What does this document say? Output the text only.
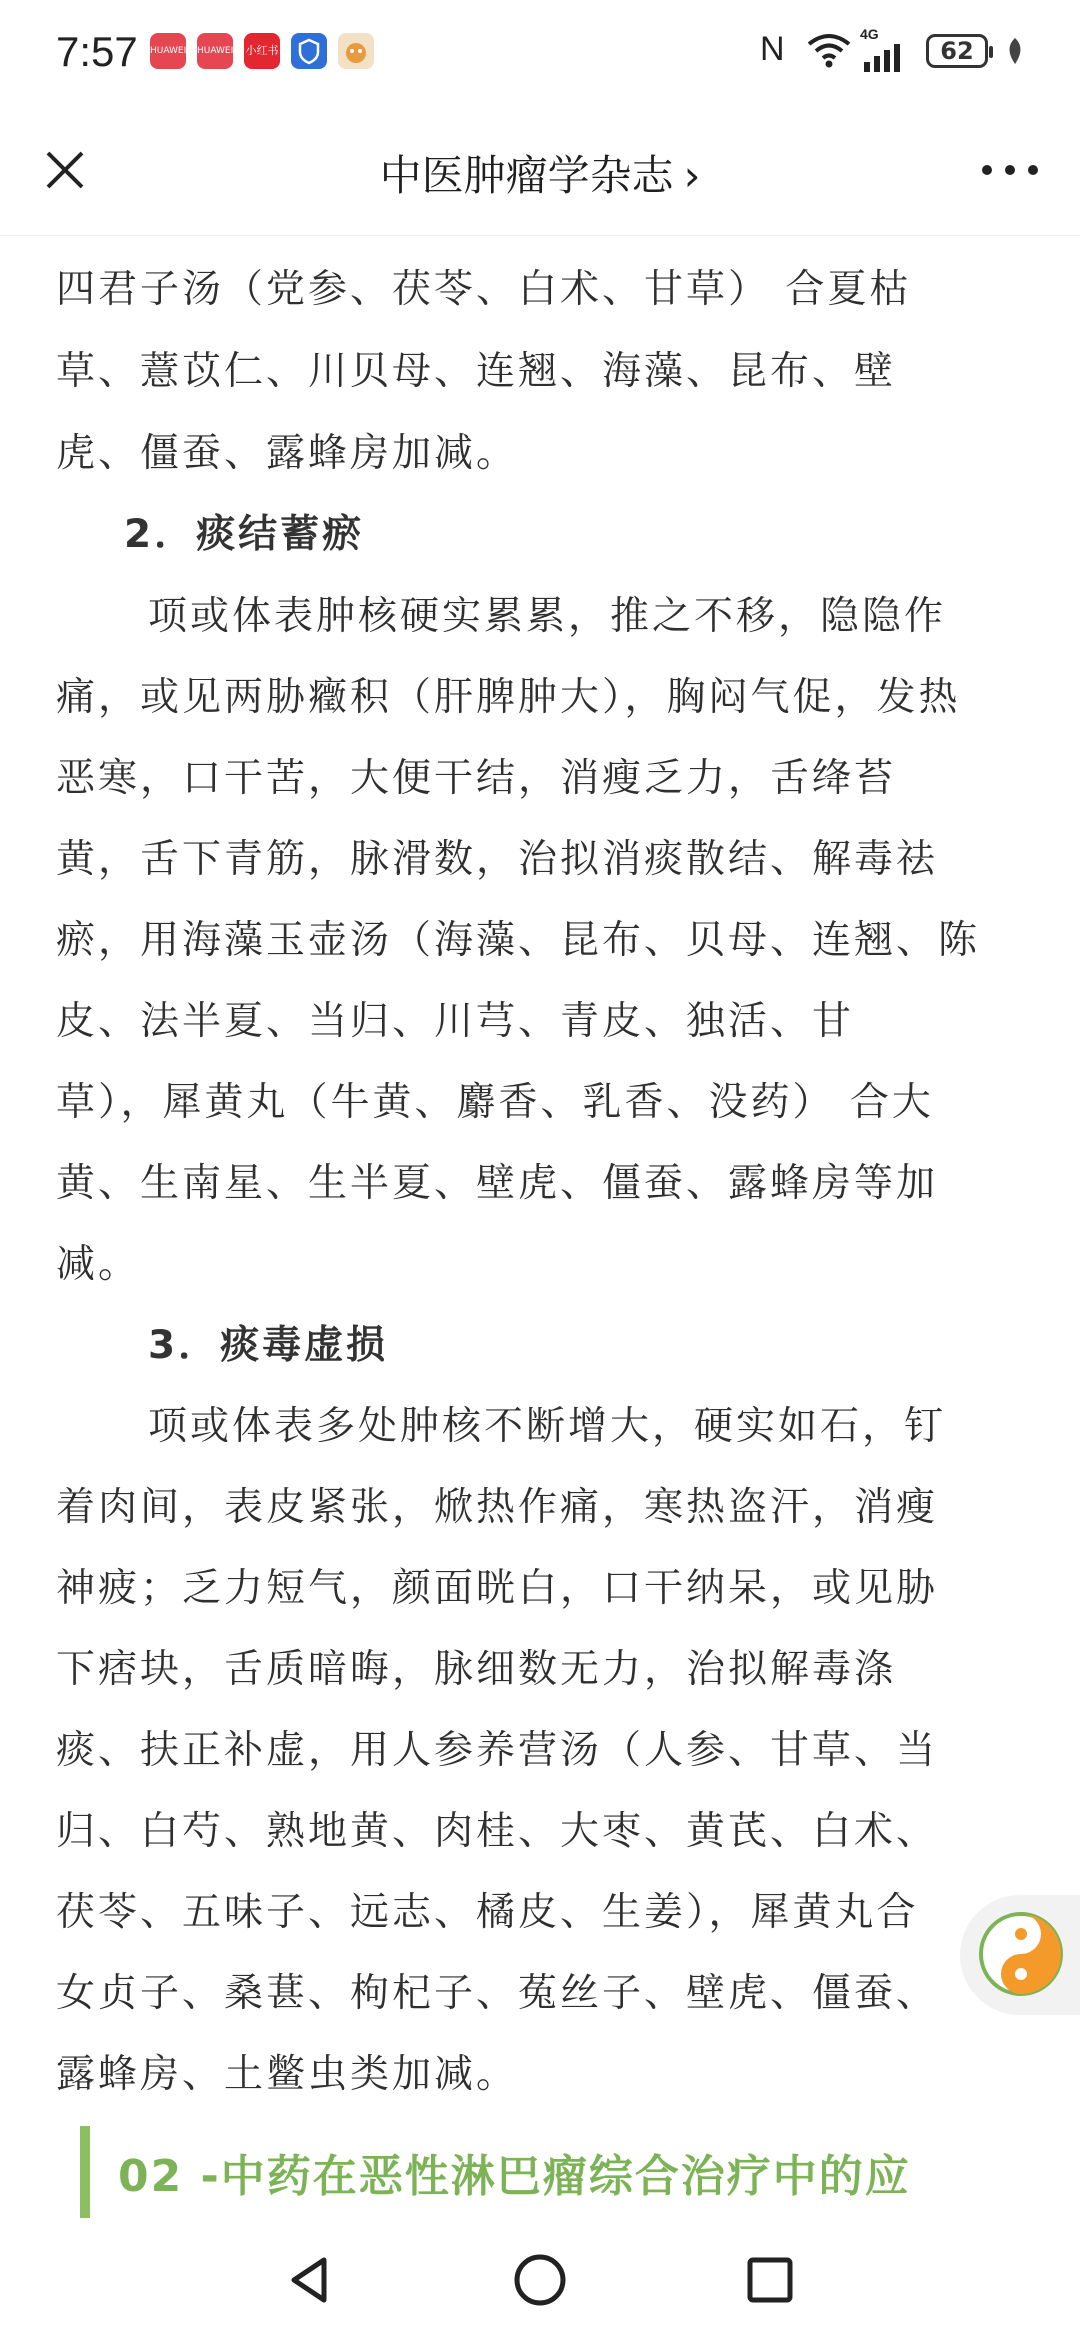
7:57 HUAWEI HUAWEI 小红书	N	4G
62
中医肿瘤学杂志 ›
四君子汤（党参、茯苓、白术、甘草） 合夏枯
草、薏苡仁、川贝母、连翘、海藻、昆布、壁
虎、僵蚕、露蜂房加减。
2．痰结蓄瘀
项或体表肿核硬实累累，推之不移，隐隐作
痛，或见两胁癥积（肝脾肿大），胸闷气促，发热
恶寒，口干苦，大便干结，消瘦乏力，舌绛苔
黄，舌下青筋，脉滑数，治拟消痰散结、解毒祛
瘀，用海藻玉壶汤（海藻、昆布、贝母、连翘、陈
皮、法半夏、当归、川芎、青皮、独活、甘
草），犀黄丸（牛黄、麝香、乳香、没药） 合大
黄、生南星、生半夏、壁虎、僵蚕、露蜂房等加
减。
3．痰毒虚损
项或体表多处肿核不断增大，硬实如石，钉
着肉间，表皮紧张，焮热作痛，寒热盗汗，消瘦
神疲；乏力短气，颜面晄白，口干纳呆，或见胁
下痞块，舌质暗晦，脉细数无力，治拟解毒涤
痰、扶正补虚，用人参养营汤（人参、甘草、当
归、白芍、熟地黄、肉桂、大枣、黄芪、白术、
茯苓、五味子、远志、橘皮、生姜），犀黄丸合
女贞子、桑葚、枸杞子、菟丝子、壁虎、僵蚕、
露蜂房、土鳖虫类加减。
02 -中药在恶性淋巴瘤综合治疗中的应
